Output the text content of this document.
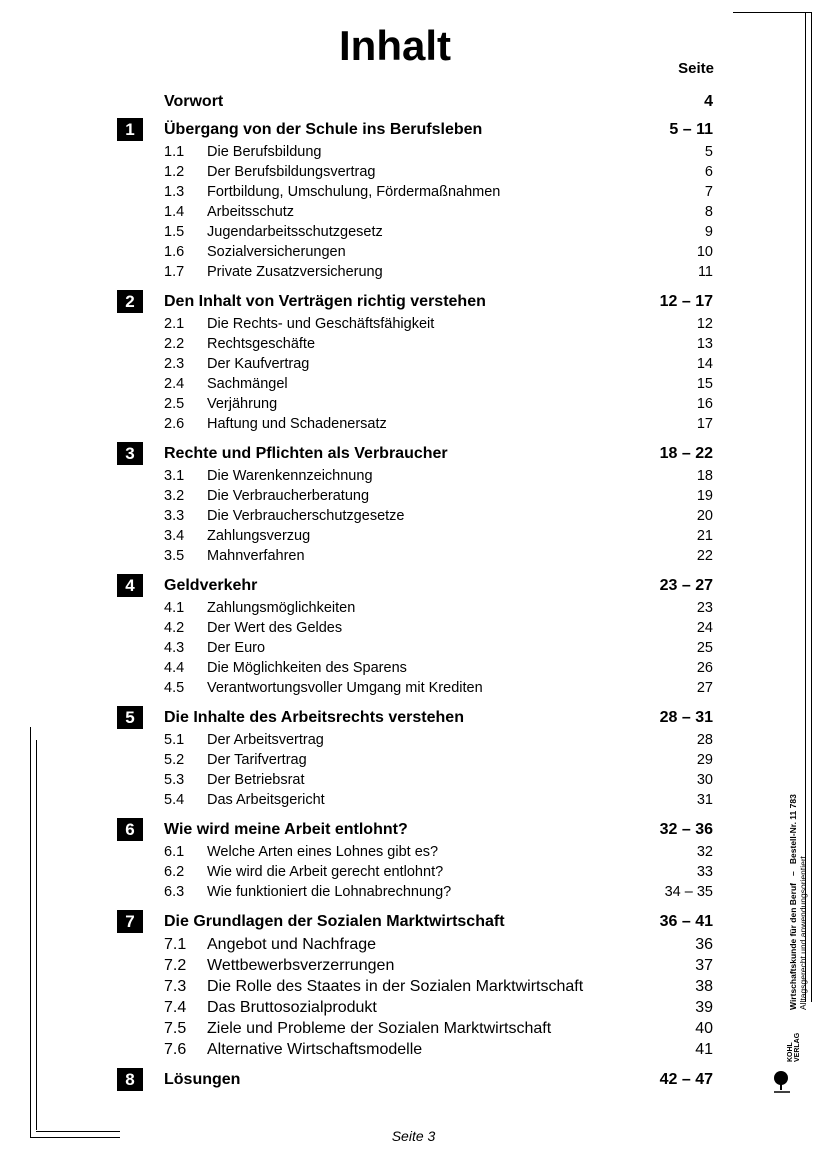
Inhalt	Seite
Vorwort	4
1	Übergang von der Schule ins Berufsleben	5 – 11
1.1 Die Berufsbildung	5
1.2 Der Berufsbildungsvertrag	6
1.3 Fortbildung, Umschulung, Fördermaßnahmen	7
1.4 Arbeitsschutz	8
1.5 Jugendarbeitsschutzgesetz	9
1.6 Sozialversicherungen	10
1.7 Private Zusatzversicherung	11
2	Den Inhalt von Verträgen richtig verstehen	12 – 17
2.1 Die Rechts- und Geschäftsfähigkeit	12
2.2 Rechtsgeschäfte	13
2.3 Der Kaufvertrag	14
2.4 Sachmängel	15
2.5 Verjährung	16
2.6 Haftung und Schadenersatz	17
3	Rechte und Pflichten als Verbraucher	18 – 22
3.1 Die Warenkennzeichnung	18
3.2 Die Verbraucherberatung	19
3.3 Die Verbraucherschutzgesetze	20
3.4 Zahlungsverzug	21
3.5 Mahnverfahren	22
4	Geldverkehr	23 – 27
4.1 Zahlungsmöglichkeiten	23
4.2 Der Wert des Geldes	24
4.3 Der Euro	25
4.4 Die Möglichkeiten des Sparens	26
4.5 Verantwortungsvoller Umgang mit Krediten	27
5	Die Inhalte des Arbeitsrechts verstehen	28 – 31
5.1 Der Arbeitsvertrag	28
5.2 Der Tarifvertrag	29
5.3 Der Betriebsrat	30
5.4 Das Arbeitsgericht	31
6	Wie wird meine Arbeit entlohnt?	32 – 36
6.1 Welche Arten eines Lohnes gibt es?	32
6.2 Wie wird die Arbeit gerecht entlohnt?	33
6.3 Wie funktioniert die Lohnabrechnung?	34 – 35
7	Die Grundlagen der Sozialen Marktwirtschaft	36 – 41
7.1 Angebot und Nachfrage	36
7.2 Wettbewerbsverzerrungen	37
7.3 Die Rolle des Staates in der Sozialen Marktwirtschaft	38
7.4 Das Bruttosozialprodukt	39
7.5 Ziele und Probleme der Sozialen Marktwirtschaft	40
7.6 Alternative Wirtschaftsmodelle	41
8	Lösungen	42 – 47
Seite 3
Wirtschaftskunde für den Beruf   –   Bestell-Nr. 11 783
Alltagsgerecht und anwendungsorientiert
KOHL VERLAG
